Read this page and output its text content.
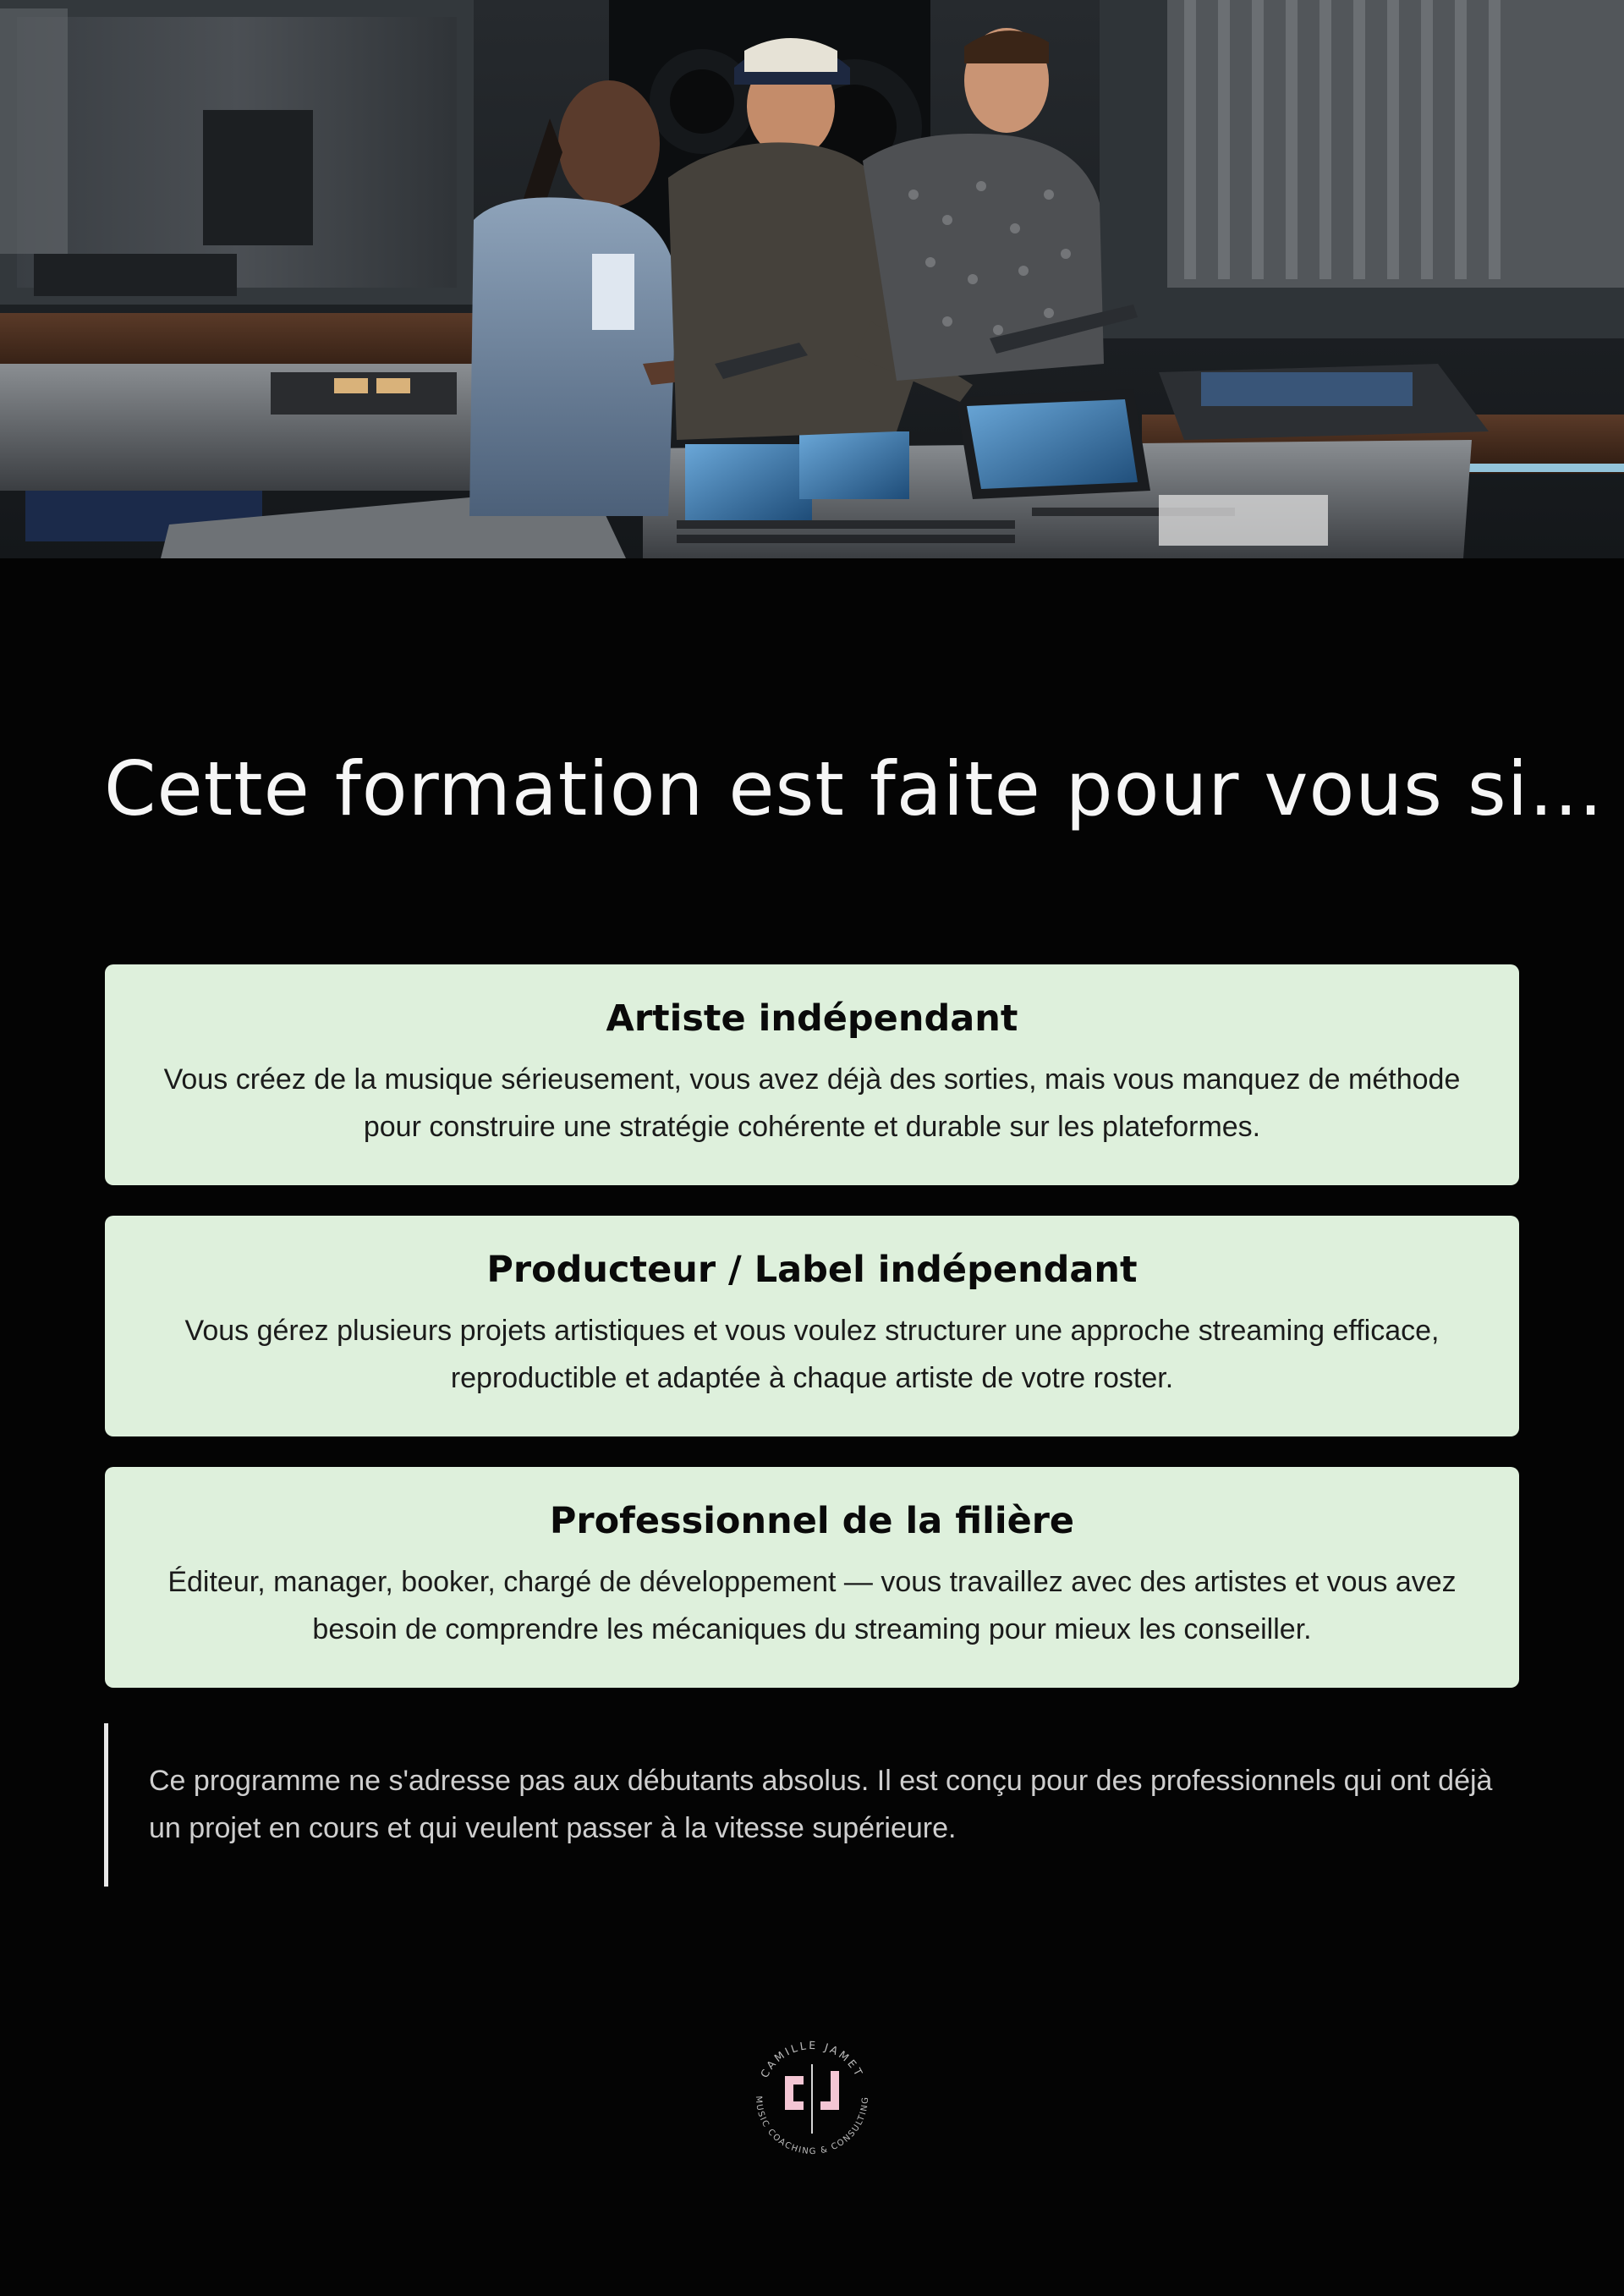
Cette formation est faite pour vous si…
Artiste indépendant

Vous créez de la musique sérieusement, vous avez déjà des sorties, mais vous manquez de méthode pour construire une stratégie cohérente et durable sur les plateformes.

Producteur / Label indépendant

Vous gérez plusieurs projets artistiques et vous voulez structurer une approche streaming efficace, reproductible et adaptée à chaque artiste de votre roster.

Professionnel de la filière

Éditeur, manager, booker, chargé de développement — vous travaillez avec des artistes et vous avez besoin de comprendre les mécaniques du streaming pour mieux les conseiller.

Ce programme ne s'adresse pas aux débutants absolus. Il est conçu pour des professionnels qui ont déjà un projet en cours et qui veulent passer à la vitesse supérieure.

CAMILLE JAMET
MUSIC COACHING & CONSULTING
